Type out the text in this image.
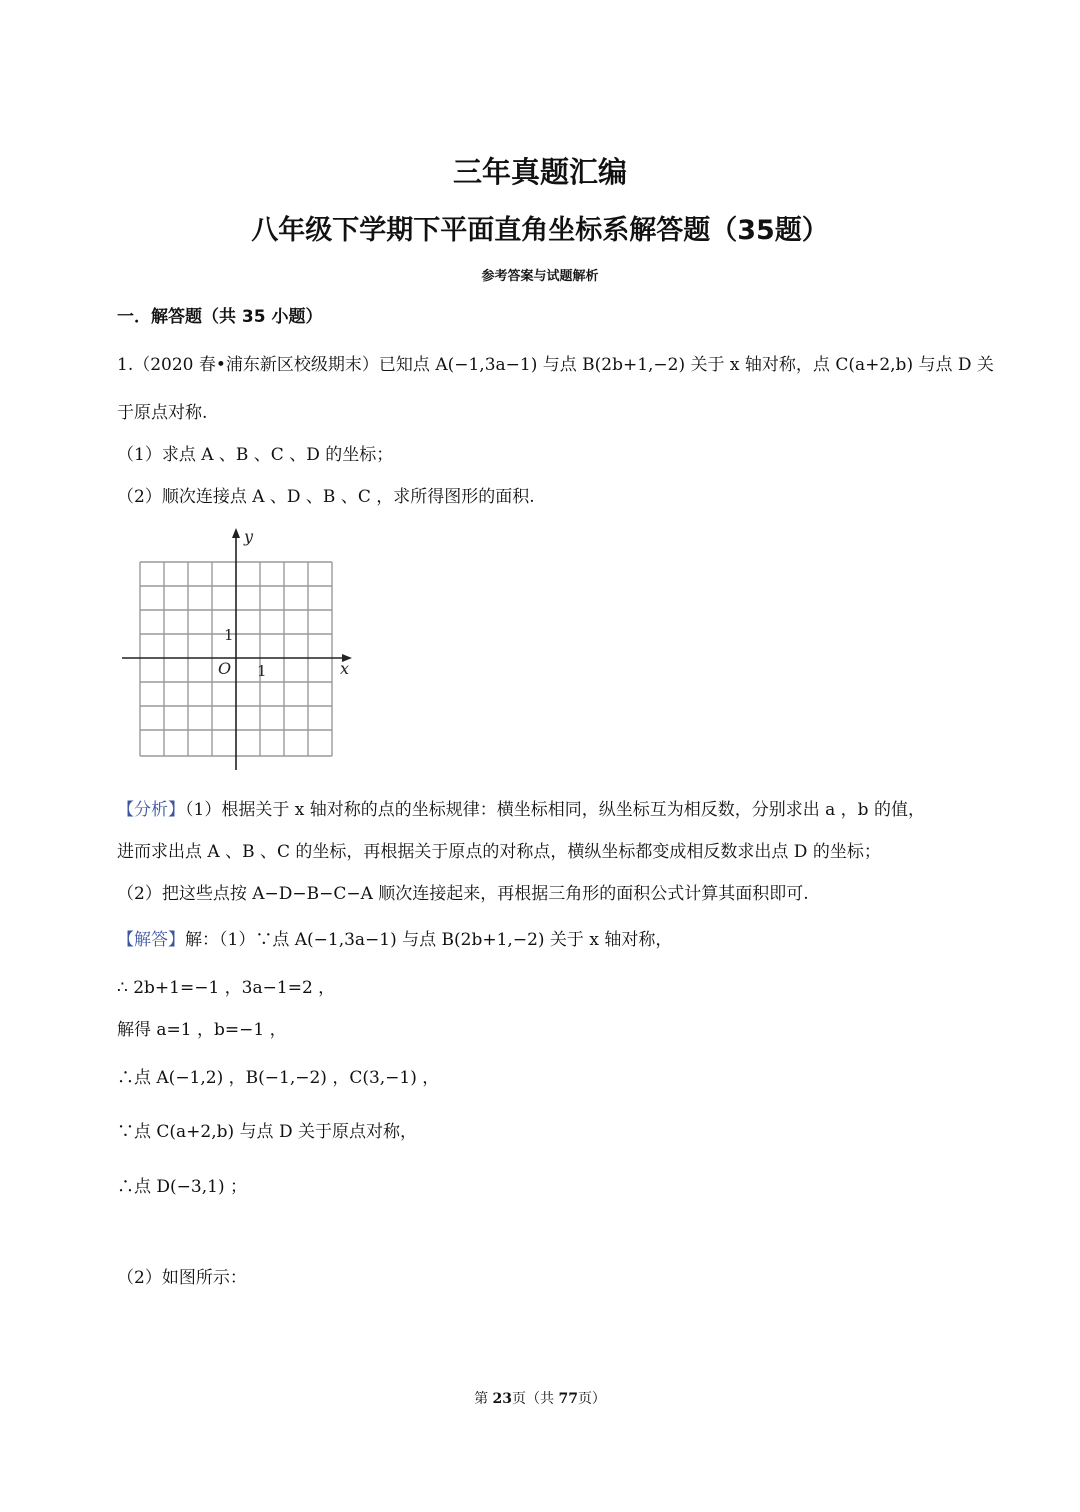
三年真题汇编
八年级下学期下平面直角坐标系解答题（35题）
参考答案与试题解析
一．解答题（共 35 小题）
1.（2020 春•浦东新区校级期末）已知点 A(−1,3a−1) 与点 B(2b+1,−2) 关于 x 轴对称，点 C(a+2,b) 与点 D 关
于原点对称.
（1）求点 A 、B 、C 、D 的坐标；
（2）顺次连接点 A 、D 、B 、C ，求所得图形的面积.
y
x
O
1
1
【分析】（1）根据关于 x 轴对称的点的坐标规律：横坐标相同，纵坐标互为相反数，分别求出 a ，b 的值，
进而求出点 A 、B 、C 的坐标，再根据关于原点的对称点，横纵坐标都变成相反数求出点 D 的坐标；
（2）把这些点按 A−D−B−C−A 顺次连接起来，再根据三角形的面积公式计算其面积即可.
【解答】解：（1）∵点 A(−1,3a−1) 与点 B(2b+1,−2) 关于 x 轴对称，
∴ 2b+1=−1 ，3a−1=2 ，
解得 a=1 ，b=−1 ，
∴点 A(−1,2) ，B(−1,−2) ，C(3,−1) ，
∵点 C(a+2,b) 与点 D 关于原点对称，
∴点 D(−3,1) ；
（2）如图所示：
第 23页（共 77页）
